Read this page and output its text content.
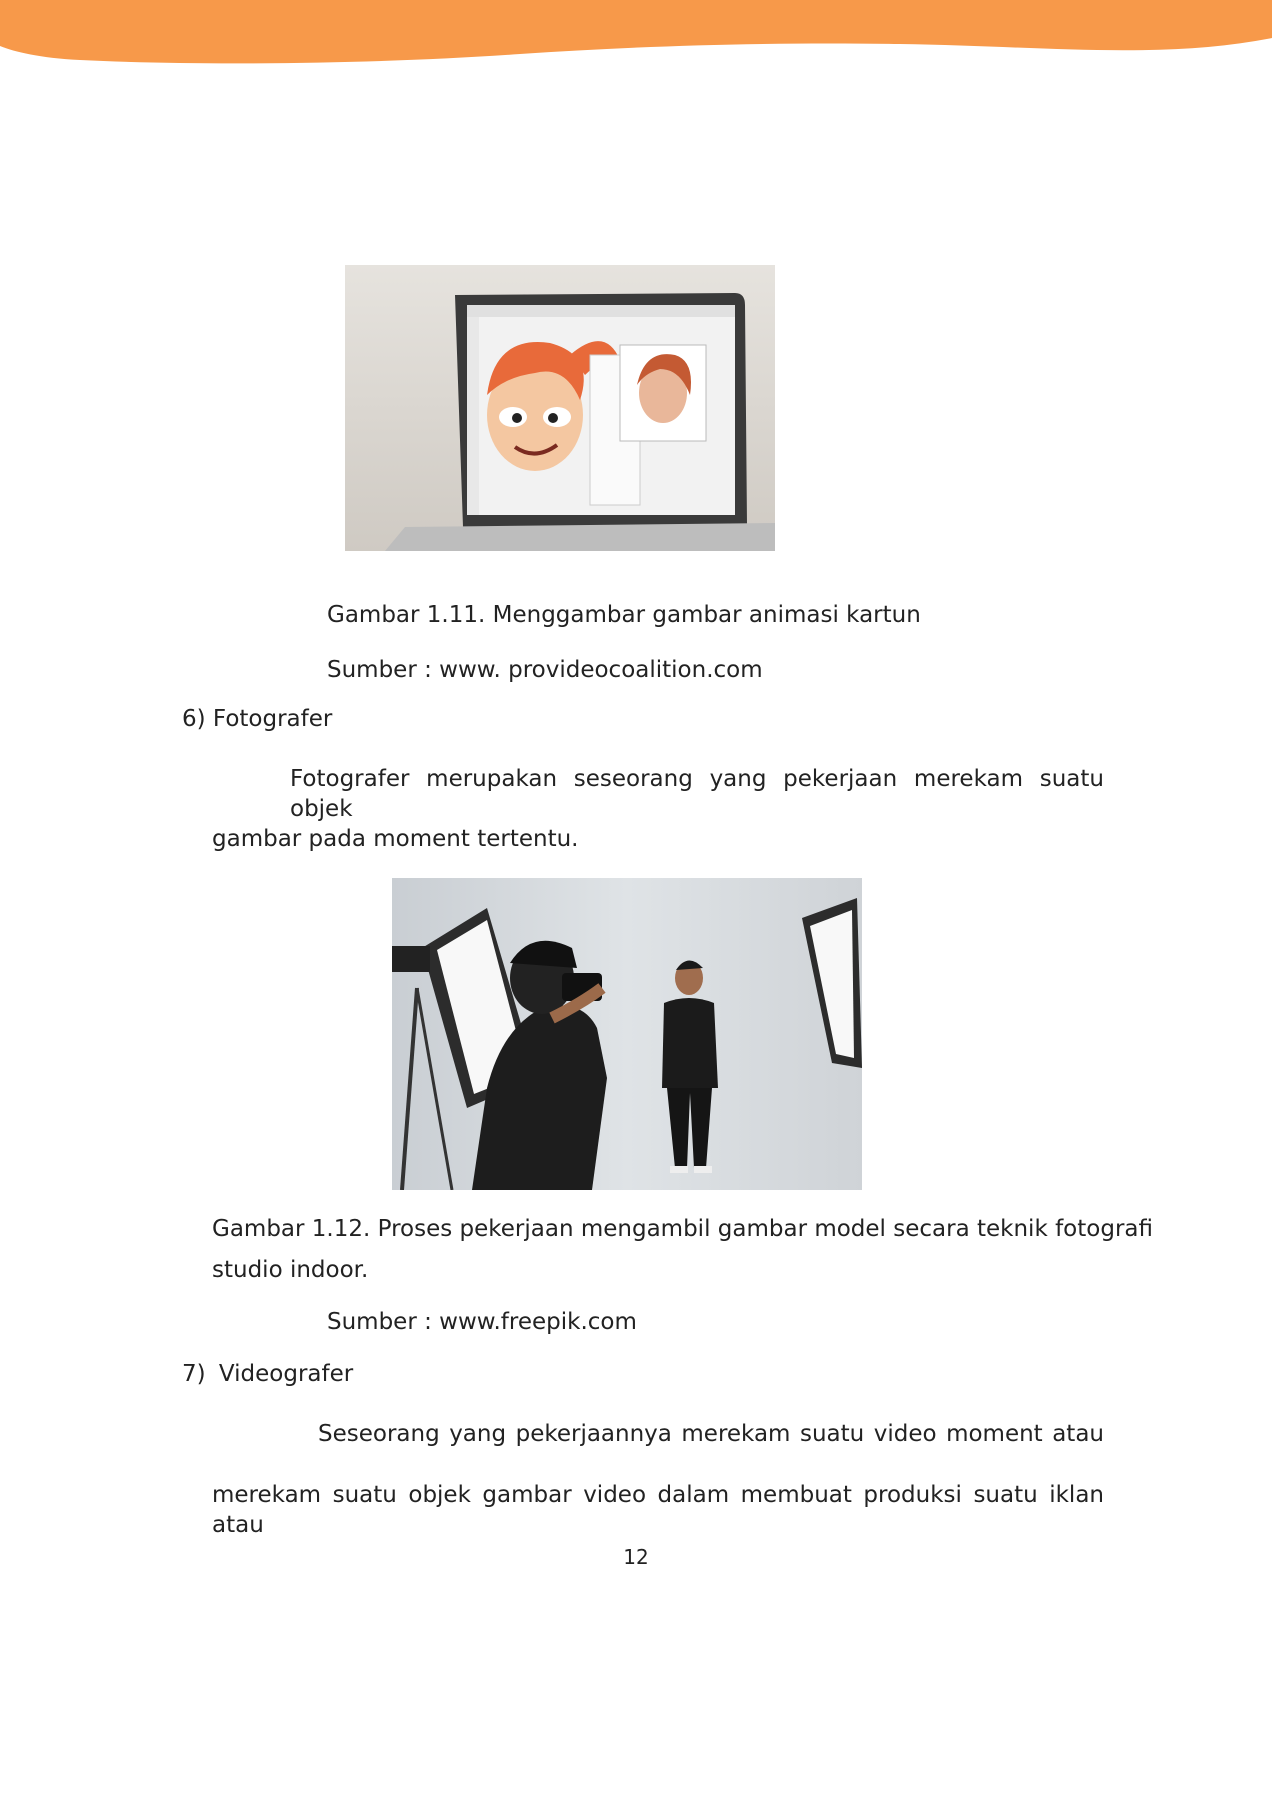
Gambar 1.11. Menggambar gambar animasi kartun
Sumber : www. provideocoalition.com
6) Fotografer
Fotografer merupakan seseorang yang pekerjaan merekam suatu objek
gambar pada moment tertentu.
Gambar 1.12. Proses pekerjaan mengambil gambar model secara teknik fotografi
studio indoor.
Sumber : www.freepik.com
7) Videografer
Seseorang yang pekerjaannya merekam suatu video moment atau
merekam suatu objek gambar video dalam membuat produksi suatu iklan atau
12
